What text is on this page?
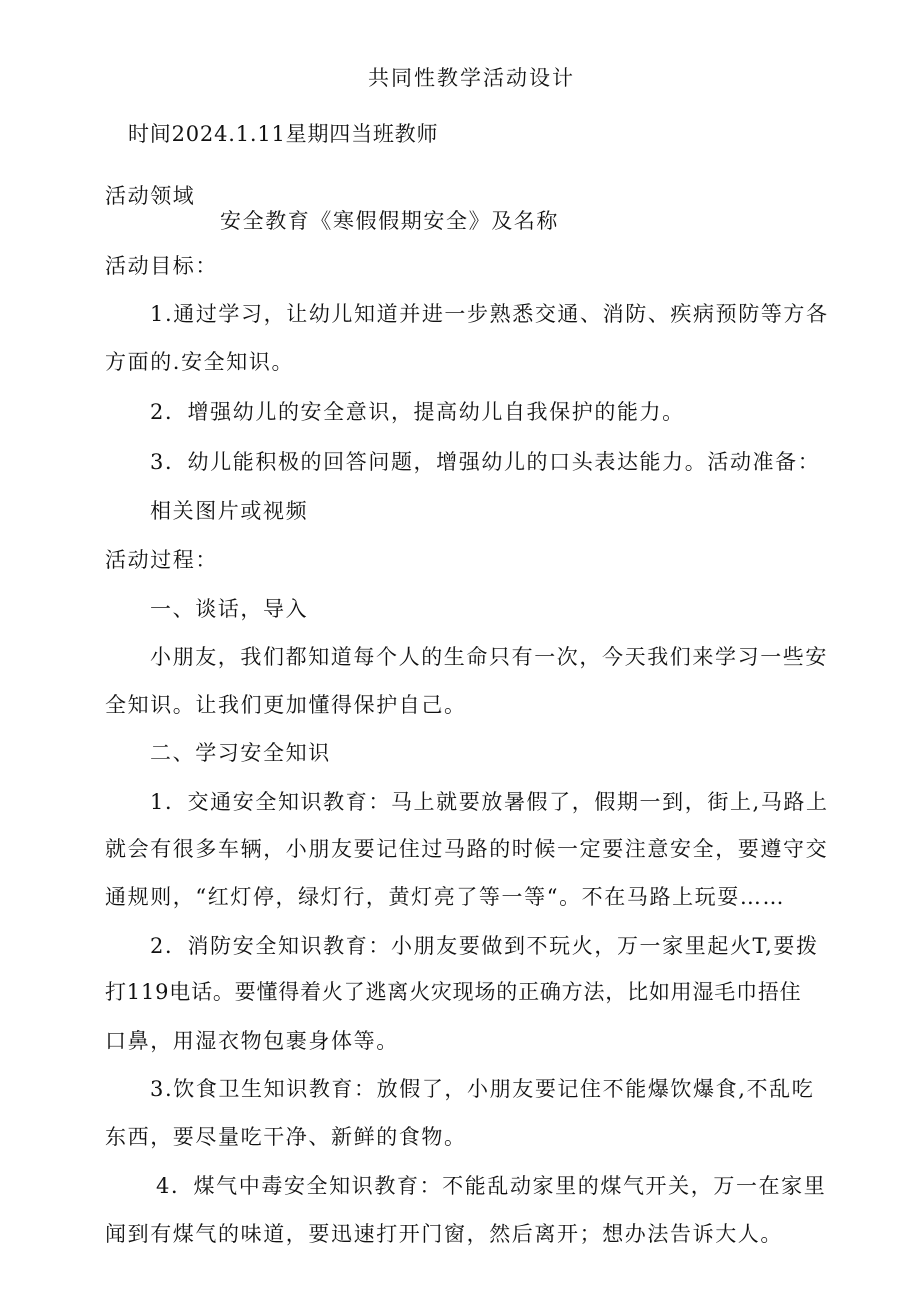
共同性教学活动设计
时间2024.1.11星期四当班教师
活动领域
安全教育《寒假假期安全》及名称
活动目标：
1.通过学习，让幼儿知道并进一步熟悉交通、消防、疾病预防等方各
方面的.安全知识。
2．增强幼儿的安全意识，提高幼儿自我保护的能力。
3．幼儿能积极的回答问题，增强幼儿的口头表达能力。活动准备：
相关图片或视频
活动过程：
一、谈话，导入
小朋友，我们都知道每个人的生命只有一次，今天我们来学习一些安
全知识。让我们更加懂得保护自己。
二、学习安全知识
1．交通安全知识教育：马上就要放暑假了，假期一到，街上,马路上
就会有很多车辆，小朋友要记住过马路的时候一定要注意安全，要遵守交
通规则，“红灯停，绿灯行，黄灯亮了等一等“。不在马路上玩耍……
2．消防安全知识教育：小朋友要做到不玩火，万一家里起火T,要拨
打119电话。要懂得着火了逃离火灾现场的正确方法，比如用湿毛巾捂住
口鼻，用湿衣物包裹身体等。
3.饮食卫生知识教育：放假了，小朋友要记住不能爆饮爆食,不乱吃
东西，要尽量吃干净、新鲜的食物。
4．煤气中毒安全知识教育：不能乱动家里的煤气开关，万一在家里
闻到有煤气的味道，要迅速打开门窗，然后离开；想办法告诉大人。
